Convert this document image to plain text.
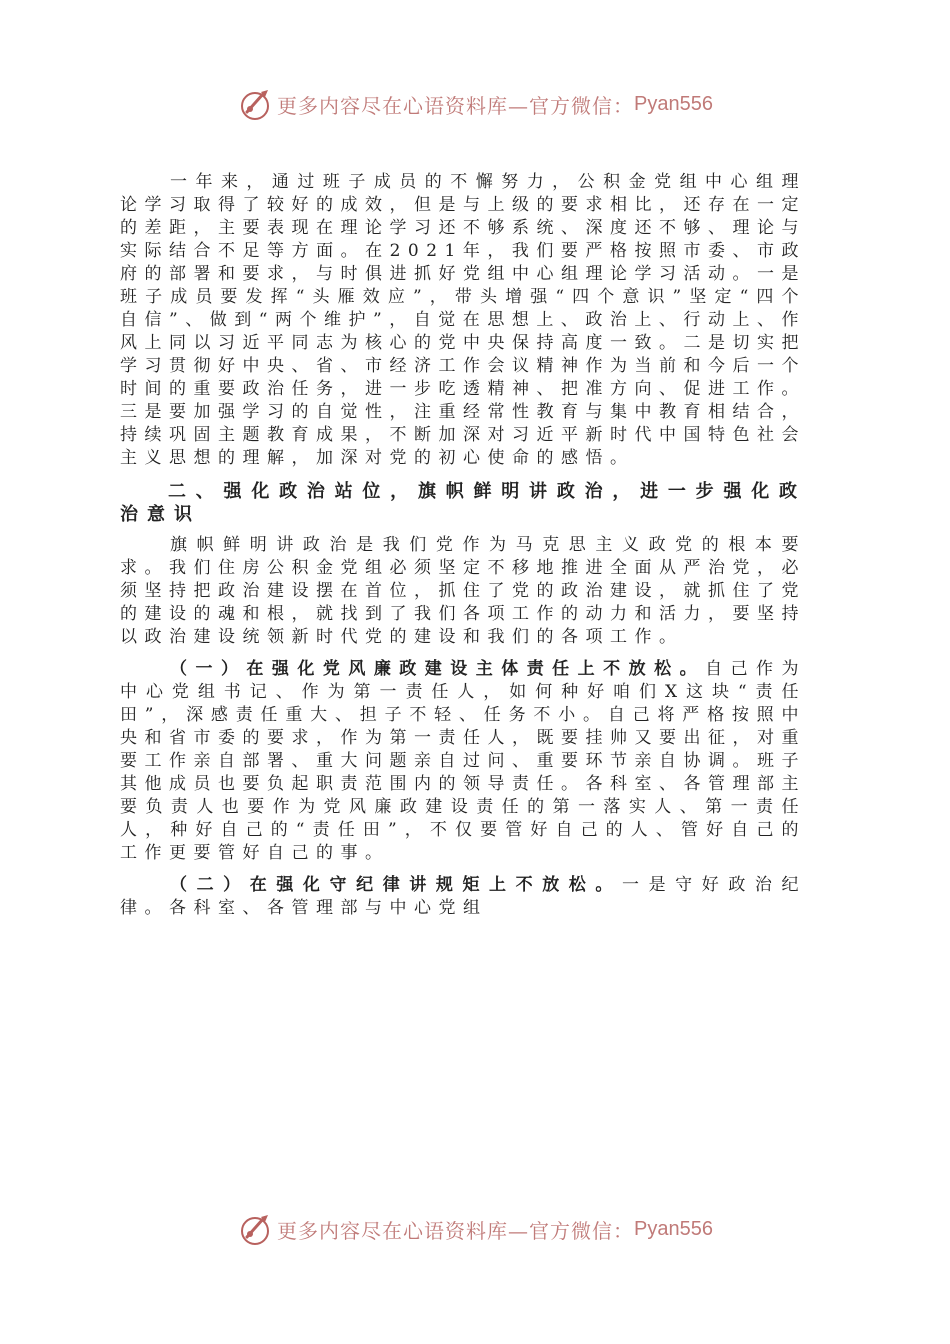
更多内容尽在心语资料库—官方微信： Pyan556

一年来，通过班子成员的不懈努力，公积金党组中心组理论学习取得了较好的成效，但是与上级的要求相比，还存在一定的差距，主要表现在理论学习还不够系统、深度还不够、理论与实际结合不足等方面。在2021年，我们要严格按照市委、市政府的部署和要求，与时俱进抓好党组中心组理论学习活动。一是班子成员要发挥“头雁效应”，带头增强“四个意识”坚定“四个自信”、做到“两个维护”，自觉在思想上、政治上、行动上、作风上同以习近平同志为核心的党中央保持高度一致。二是切实把学习贯彻好中央、省、市经济工作会议精神作为当前和今后一个时间的重要政治任务，进一步吃透精神、把准方向、促进工作。三是要加强学习的自觉性，注重经常性教育与集中教育相结合，持续巩固主题教育成果，不断加深对习近平新时代中国特色社会主义思想的理解，加深对党的初心使命的感悟。

二、强化政治站位，旗帜鲜明讲政治，进一步强化政治意识

旗帜鲜明讲政治是我们党作为马克思主义政党的根本要求。我们住房公积金党组必须坚定不移地推进全面从严治党，必须坚持把政治建设摆在首位，抓住了党的政治建设，就抓住了党的建设的魂和根，就找到了我们各项工作的动力和活力，要坚持以政治建设统领新时代党的建设和我们的各项工作。

（一）在强化党风廉政建设主体责任上不放松。自己作为中心党组书记、作为第一责任人，如何种好咱们X这块“责任田”，深感责任重大、担子不轻、任务不小。自己将严格按照中央和省市委的要求，作为第一责任人，既要挂帅又要出征，对重要工作亲自部署、重大问题亲自过问、重要环节亲自协调。班子其他成员也要负起职责范围内的领导责任。各科室、各管理部主要负责人也要作为党风廉政建设责任的第一落实人、第一责任人，种好自己的“责任田”，不仅要管好自己的人、管好自己的工作更要管好自己的事。

（二）在强化守纪律讲规矩上不放松。一是守好政治纪律。各科室、各管理部与中心党组

更多内容尽在心语资料库—官方微信： Pyan556
